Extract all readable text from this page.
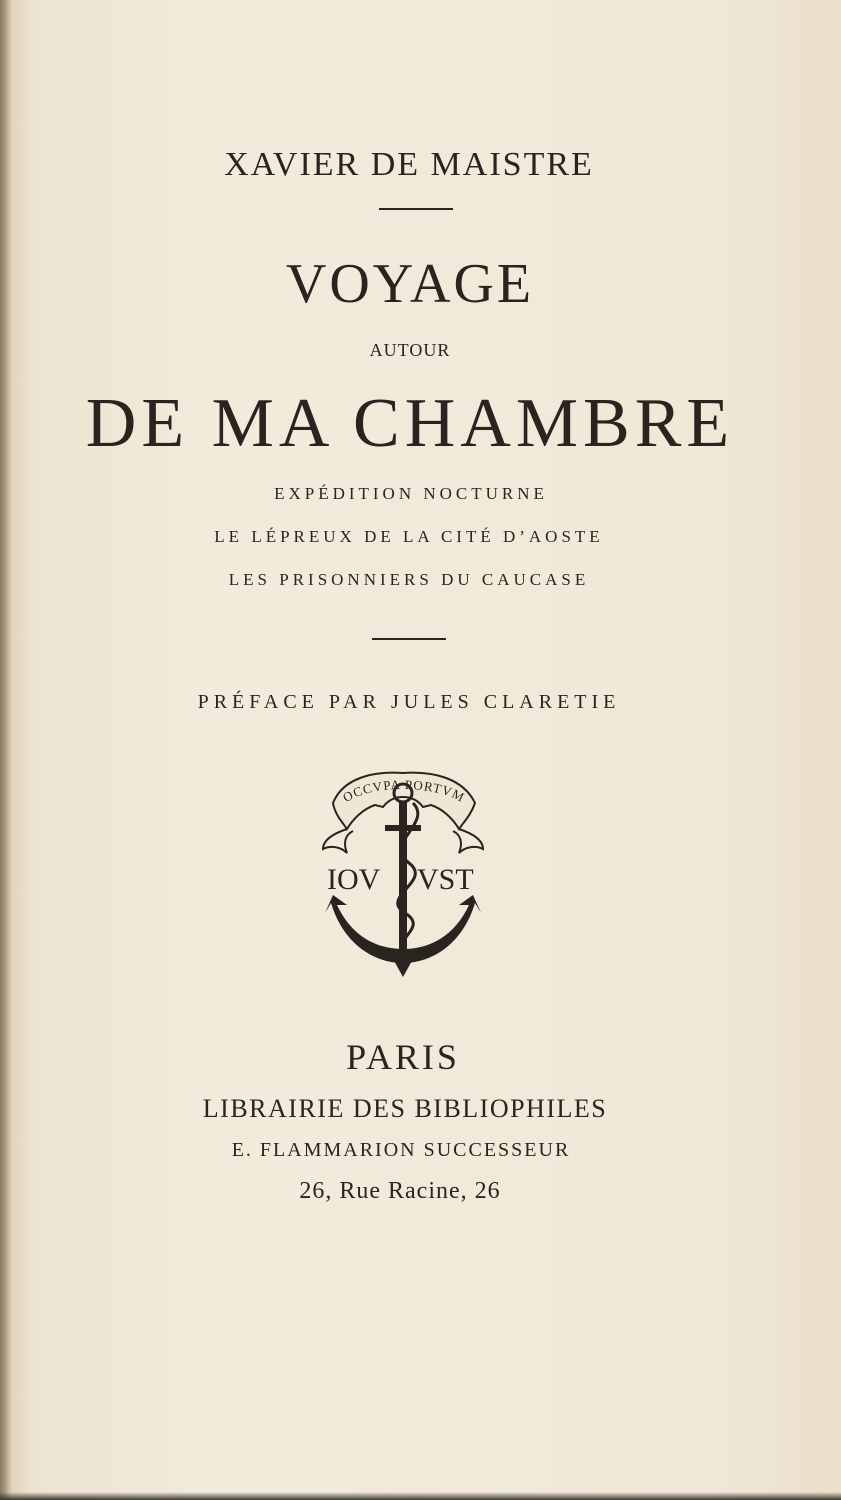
XAVIER DE MAISTRE
VOYAGE
AUTOUR
DE MA CHAMBRE
EXPÉDITION NOCTURNE
LE LÉPREUX DE LA CITÉ D’AOSTE
LES PRISONNIERS DU CAUCASE
PRÉFACE PAR JULES CLARETIE
OCCVPA PORTVM
IOV VST
PARIS
LIBRAIRIE DES BIBLIOPHILES
E. FLAMMARION SUCCESSEUR
26, Rue Racine, 26
